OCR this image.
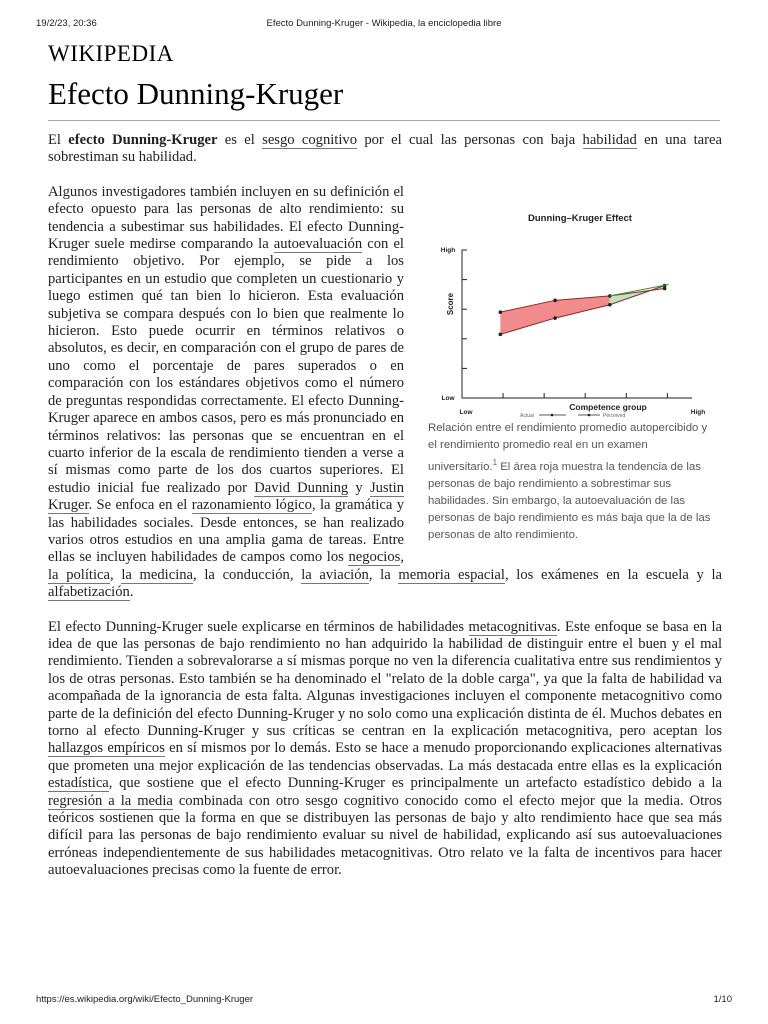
19/2/23, 20:36	Efecto Dunning-Kruger - Wikipedia, la enciclopedia libre
WIKIPEDIA
Efecto Dunning-Kruger

El efecto Dunning-Kruger es el sesgo cognitivo por el cual las personas con baja habilidad en una tarea sobrestiman su habilidad.

Dunning–Kruger Effect
High
Low
Low	High
Score
Competence group
Actual	Perceived
Relación entre el rendimiento promedio autopercibido y el rendimiento promedio real en un examen universitario.$^1$ El área roja muestra la tendencia de las personas de bajo rendimiento a sobrestimar sus habilidades. Sin embargo, la autoevaluación de las personas de bajo rendimiento es más baja que la de las personas de alto rendimiento.
Algunos investigadores también incluyen en su definición el efecto opuesto para las personas de alto rendimiento: su tendencia a subestimar sus habilidades. El efecto Dunning-Kruger suele medirse comparando la autoevaluación con el rendimiento objetivo. Por ejemplo, se pide a los participantes en un estudio que completen un cuestionario y luego estimen qué tan bien lo hicieron. Esta evaluación subjetiva se compara después con lo bien que realmente lo hicieron. Esto puede ocurrir en términos relativos o absolutos, es decir, en comparación con el grupo de pares de uno como el porcentaje de pares superados o en comparación con los estándares objetivos como el número de preguntas respondidas correctamente. El efecto Dunning-Kruger aparece en ambos casos, pero es más pronunciado en términos relativos: las personas que se encuentran en el cuarto inferior de la escala de rendimiento tienden a verse a sí mismas como parte de los dos cuartos superiores. El estudio inicial fue realizado por David Dunning y Justin Kruger. Se enfoca en el razonamiento lógico, la gramática y las habilidades sociales. Desde entonces, se han realizado varios otros estudios en una amplia gama de tareas. Entre ellas se incluyen habilidades de campos como los negocios, la política, la medicina, la conducción, la aviación, la memoria espacial, los exámenes en la escuela y la alfabetización.

El efecto Dunning-Kruger suele explicarse en términos de habilidades metacognitivas. Este enfoque se basa en la idea de que las personas de bajo rendimiento no han adquirido la habilidad de distinguir entre el buen y el mal rendimiento. Tienden a sobrevalorarse a sí mismas porque no ven la diferencia cualitativa entre sus rendimientos y los de otras personas. Esto también se ha denominado el "relato de la doble carga", ya que la falta de habilidad va acompañada de la ignorancia de esta falta. Algunas investigaciones incluyen el componente metacognitivo como parte de la definición del efecto Dunning-Kruger y no solo como una explicación distinta de él. Muchos debates en torno al efecto Dunning-Kruger y sus críticas se centran en la explicación metacognitiva, pero aceptan los hallazgos empíricos en sí mismos por lo demás. Esto se hace a menudo proporcionando explicaciones alternativas que prometen una mejor explicación de las tendencias observadas. La más destacada entre ellas es la explicación estadística, que sostiene que el efecto Dunning-Kruger es principalmente un artefacto estadístico debido a la regresión a la media combinada con otro sesgo cognitivo conocido como el efecto mejor que la media. Otros teóricos sostienen que la forma en que se distribuyen las personas de bajo y alto rendimiento hace que sea más difícil para las personas de bajo rendimiento evaluar su nivel de habilidad, explicando así sus autoevaluaciones erróneas independientemente de sus habilidades metacognitivas. Otro relato ve la falta de incentivos para hacer autoevaluaciones precisas como la fuente de error.

https://es.wikipedia.org/wiki/Efecto_Dunning-Kruger	1/10
